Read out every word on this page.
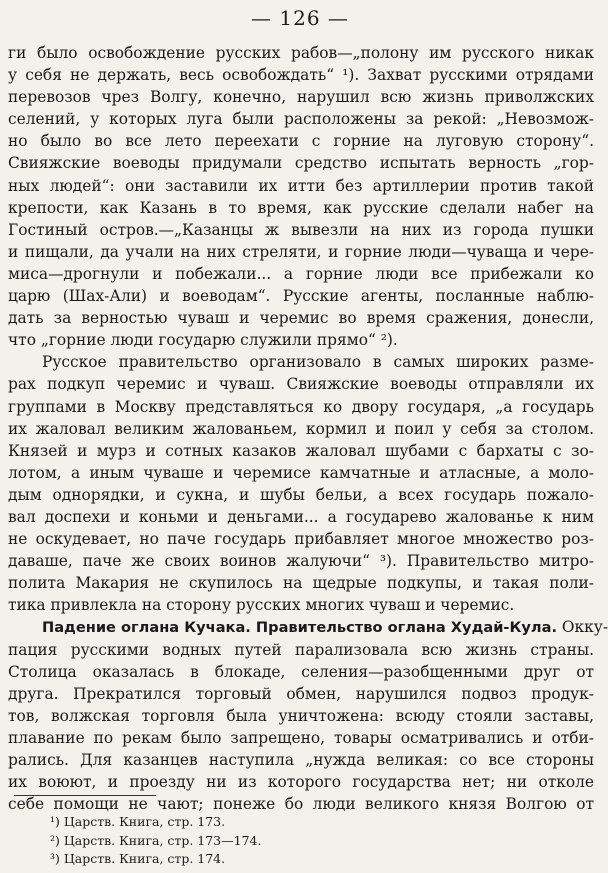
— 126 —
ги было освобождение русских рабов—„полону им русского никак
у себя не держать, весь освобождать“ ¹). Захват русскими отрядами
перевозов чрез Волгу, конечно, нарушил всю жизнь приволжских
селений, у которых луга были расположены за рекой: „Невозмож-
но было во все лето переехати с горние на луговую сторону“.
Свияжские воеводы придумали средство испытать верность „гор-
ных людей“: они заставили их итти без артиллерии против такой
крепости, как Казань в то время, как русские сделали набег на
Гостиный остров.—„Казанцы ж вывезли на них из города пушки
и пищали, да учали на них стреляти, и горние люди—чуваща и чере-
миса—дрогнули и побежали... а горние люди все прибежали ко
царю (Шах-Али) и воеводам“. Русские агенты, посланные наблю-
дать за верностью чуваш и черемис во время сражения, донесли,
что „горние люди государю служили прямо“ ²).
Русское правительство организовало в самых широких разме-
рах подкуп черемис и чуваш. Свияжские воеводы отправляли их
группами в Москву представляться ко двору государя, „а государь
их жаловал великим жалованьем, кормил и поил у себя за столом.
Князей и мурз и сотных казаков жаловал шубами с бархаты с зо-
лотом, а иным чуваше и черемисе камчатные и атласные, а моло-
дым однорядки, и сукна, и шубы бельи, а всех государь пожало-
вал доспехи и коньми и деньгами... а государево жалованье к ним
не оскудевает, но паче государь прибавляет многое множество роз-
даваше, паче же своих воинов жалуючи“ ³). Правительство митро-
полита Макария не скупилось на щедрые подкупы, и такая поли-
тика привлекла на сторону русских многих чуваш и черемис.
Падение оглана Кучака. Правительство оглана Худай-Кула. Окку-
пация русскими водных путей парализовала всю жизнь страны.
Столица оказалась в блокаде, селения—разобщенными друг от
друга. Прекратился торговый обмен, нарушился подвоз продук-
тов, волжская торговля была уничтожена: всюду стояли заставы,
плавание по рекам было запрещено, товары осматривались и отби-
рались. Для казанцев наступила „нужда великая: со все стороны
их воюют, и проезду ни из которого государства нет; ни отколе
себе помощи не чают; понеже бо люди великого князя Волгою от
¹) Царств. Книга, стр. 173.
²) Царств. Книга, стр. 173—174.
³) Царств. Книга, стр. 174.
